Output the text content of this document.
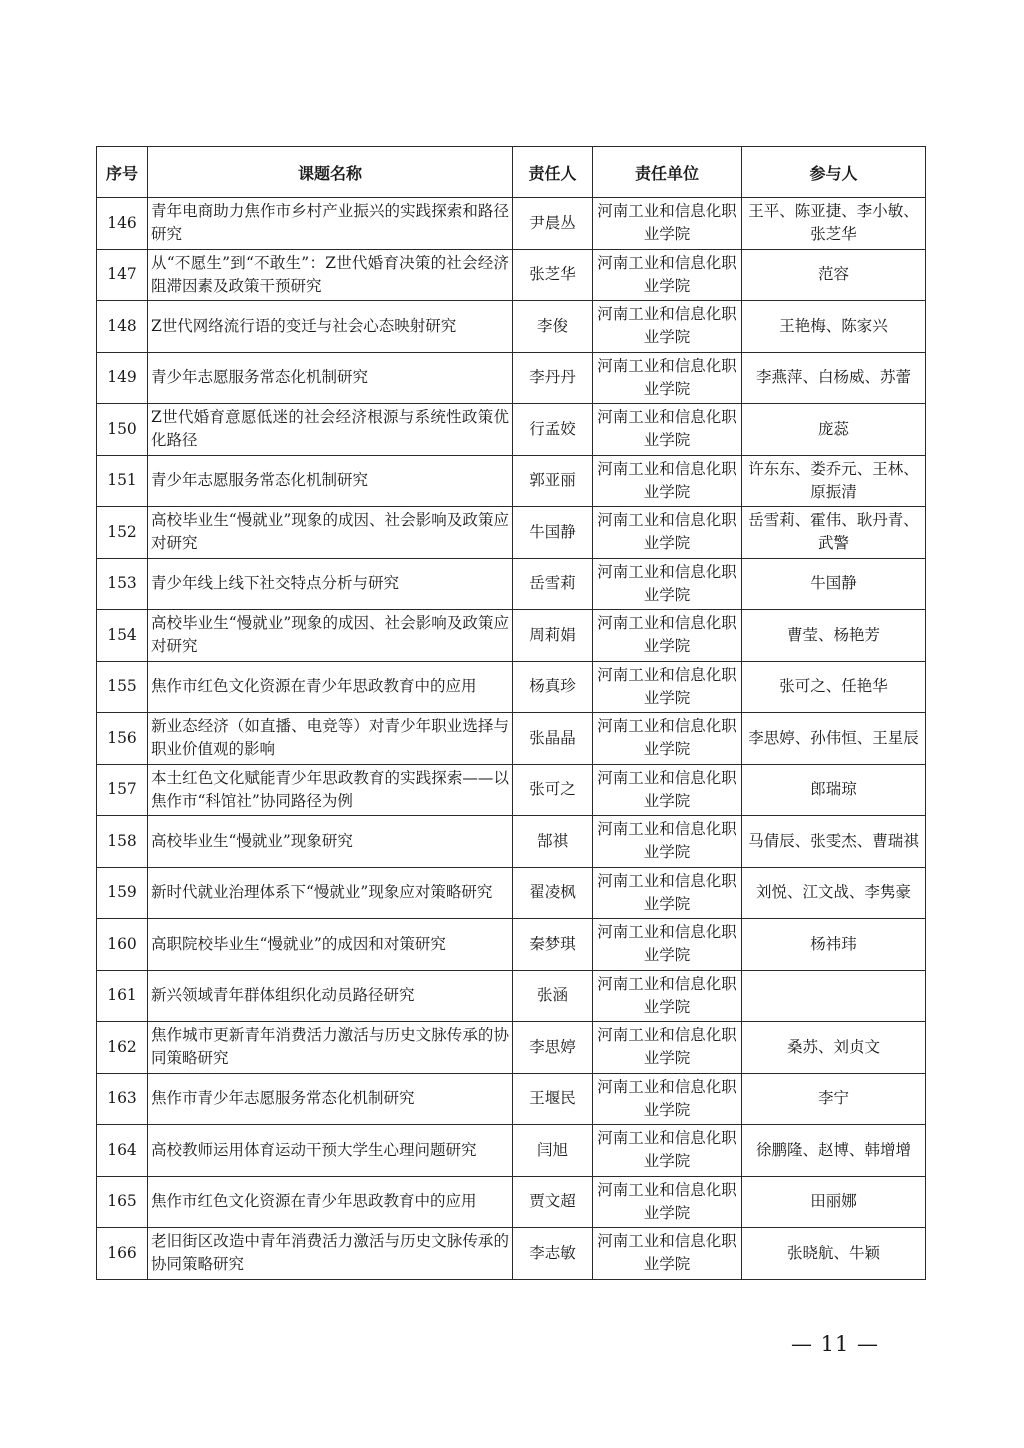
序号	课题名称	责任人	责任单位	参与人
146	青年电商助力焦作市乡村产业振兴的实践探索和路径研究	尹晨丛	河南工业和信息化职业学院	王平、陈亚捷、李小敏、张芝华
147	从“不愿生”到“不敢生”：Z世代婚育决策的社会经济阻滞因素及政策干预研究	张芝华	河南工业和信息化职业学院	范容
148	Z世代网络流行语的变迁与社会心态映射研究	李俊	河南工业和信息化职业学院	王艳梅、陈家兴
149	青少年志愿服务常态化机制研究	李丹丹	河南工业和信息化职业学院	李燕萍、白杨威、苏蕾
150	Z世代婚育意愿低迷的社会经济根源与系统性政策优化路径	行孟姣	河南工业和信息化职业学院	庞蕊
151	青少年志愿服务常态化机制研究	郭亚丽	河南工业和信息化职业学院	许东东、娄乔元、王林、原振清
152	高校毕业生“慢就业”现象的成因、社会影响及政策应对研究	牛国静	河南工业和信息化职业学院	岳雪莉、霍伟、耿丹青、武警
153	青少年线上线下社交特点分析与研究	岳雪莉	河南工业和信息化职业学院	牛国静
154	高校毕业生“慢就业”现象的成因、社会影响及政策应对研究	周莉娟	河南工业和信息化职业学院	曹莹、杨艳芳
155	焦作市红色文化资源在青少年思政教育中的应用	杨真珍	河南工业和信息化职业学院	张可之、任艳华
156	新业态经济（如直播、电竞等）对青少年职业选择与职业价值观的影响	张晶晶	河南工业和信息化职业学院	李思婷、孙伟恒、王星辰
157	本土红色文化赋能青少年思政教育的实践探索——以焦作市“科馆社”协同路径为例	张可之	河南工业和信息化职业学院	郎瑞琼
158	高校毕业生“慢就业”现象研究	郜祺	河南工业和信息化职业学院	马倩辰、张雯杰、曹瑞祺
159	新时代就业治理体系下“慢就业”现象应对策略研究	翟凌枫	河南工业和信息化职业学院	刘悦、江文战、李隽豪
160	高职院校毕业生“慢就业”的成因和对策研究	秦梦琪	河南工业和信息化职业学院	杨祎玮
161	新兴领域青年群体组织化动员路径研究	张涵	河南工业和信息化职业学院	
162	焦作城市更新青年消费活力激活与历史文脉传承的协同策略研究	李思婷	河南工业和信息化职业学院	桑苏、刘贞文
163	焦作市青少年志愿服务常态化机制研究	王堰民	河南工业和信息化职业学院	李宁
164	高校教师运用体育运动干预大学生心理问题研究	闫旭	河南工业和信息化职业学院	徐鹏隆、赵博、韩增增
165	焦作市红色文化资源在青少年思政教育中的应用	贾文超	河南工业和信息化职业学院	田丽娜
166	老旧街区改造中青年消费活力激活与历史文脉传承的协同策略研究	李志敏	河南工业和信息化职业学院	张晓航、牛颖
— 11 —
